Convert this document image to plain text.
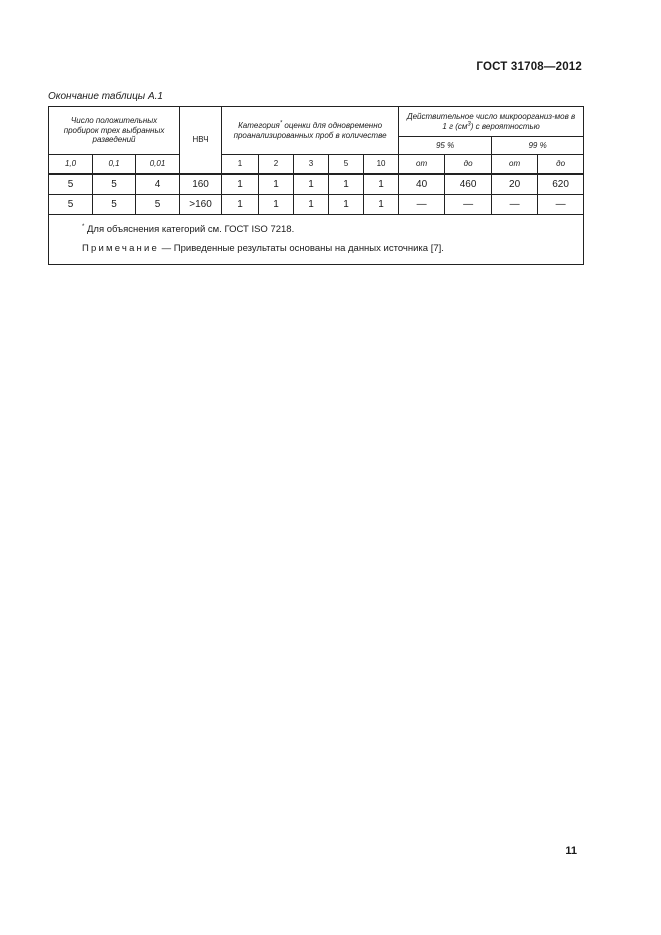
ГОСТ 31708—2012
Окончание таблицы А.1
Число положительных пробирок трех выбранных разведений			НВЧ	Категория* оценки для одновременно проанализированных проб в количестве					Действительное число микроорганиз-мов в 1 г $(см^3)$ с вероятностью			
									95 %		99 %	
1,0	0,1	0,01		1	2	3	5	10	от	до	от	до
5	5	4	160	1	1	1	1	1	40	460	20	620
5	5	5	>160	1	1	1	1	1	—	—	—	—

* Для объяснения категорий см. ГОСТ ISO 7218.
Примечание — Приведенные результаты основаны на данных источника [7].												
11
